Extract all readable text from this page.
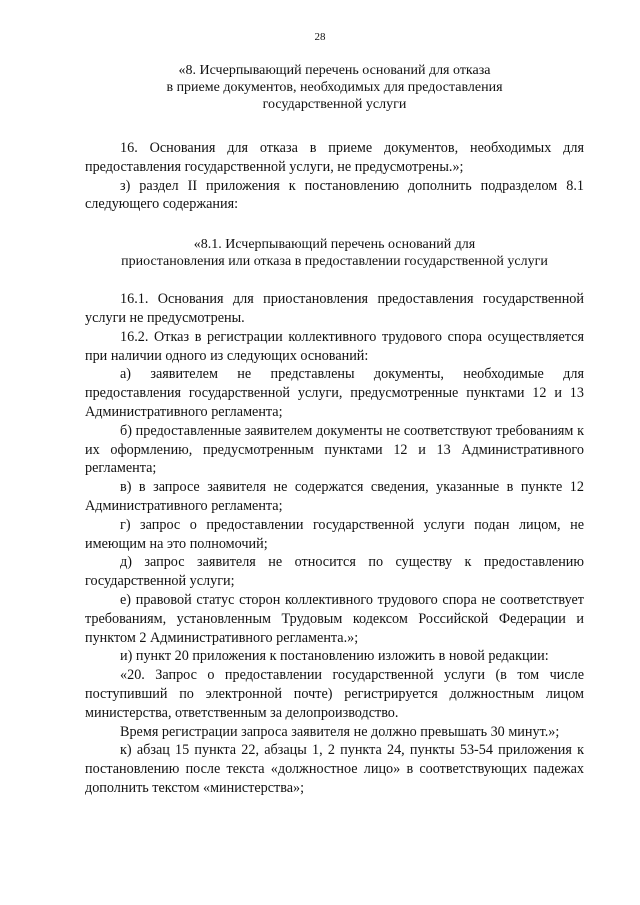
28

«8. Исчерпывающий перечень оснований для отказа

в приеме документов, необходимых для предоставления

государственной услуги

16. Основания для отказа в приеме документов, необходимых для предоставления государственной услуги, не предусмотрены.»;

з) раздел II приложения к постановлению дополнить подразделом 8.1 следующего содержания:

«8.1. Исчерпывающий перечень оснований для

приостановления или отказа в предоставлении государственной услуги

16.1. Основания для приостановления предоставления государственной услуги не предусмотрены.

16.2. Отказ в регистрации коллективного трудового спора осуществляется при наличии одного из следующих оснований:

а) заявителем не представлены документы, необходимые для предоставления государственной услуги, предусмотренные пунктами 12 и 13 Административного регламента;

б) предоставленные заявителем документы не соответствуют требованиям к их оформлению, предусмотренным пунктами 12 и 13 Административного регламента;

в) в запросе заявителя не содержатся сведения, указанные в пункте 12 Административного регламента;

г) запрос о предоставлении государственной услуги подан лицом, не имеющим на это полномочий;

д) запрос заявителя не относится по существу к предоставлению государственной услуги;

е) правовой статус сторон коллективного трудового спора не соответствует требованиям, установленным Трудовым кодексом Российской Федерации и пунктом 2 Административного регламента.»;

и) пункт 20 приложения к постановлению изложить в новой редакции:

«20. Запрос о предоставлении государственной услуги (в том числе поступивший по электронной почте) регистрируется должностным лицом министерства, ответственным за делопроизводство.

Время регистрации запроса заявителя не должно превышать 30 минут.»;

к) абзац 15 пункта 22, абзацы 1, 2 пункта 24, пункты 53-54 приложения к постановлению после текста «должностное лицо» в соответствующих падежах дополнить текстом «министерства»;
